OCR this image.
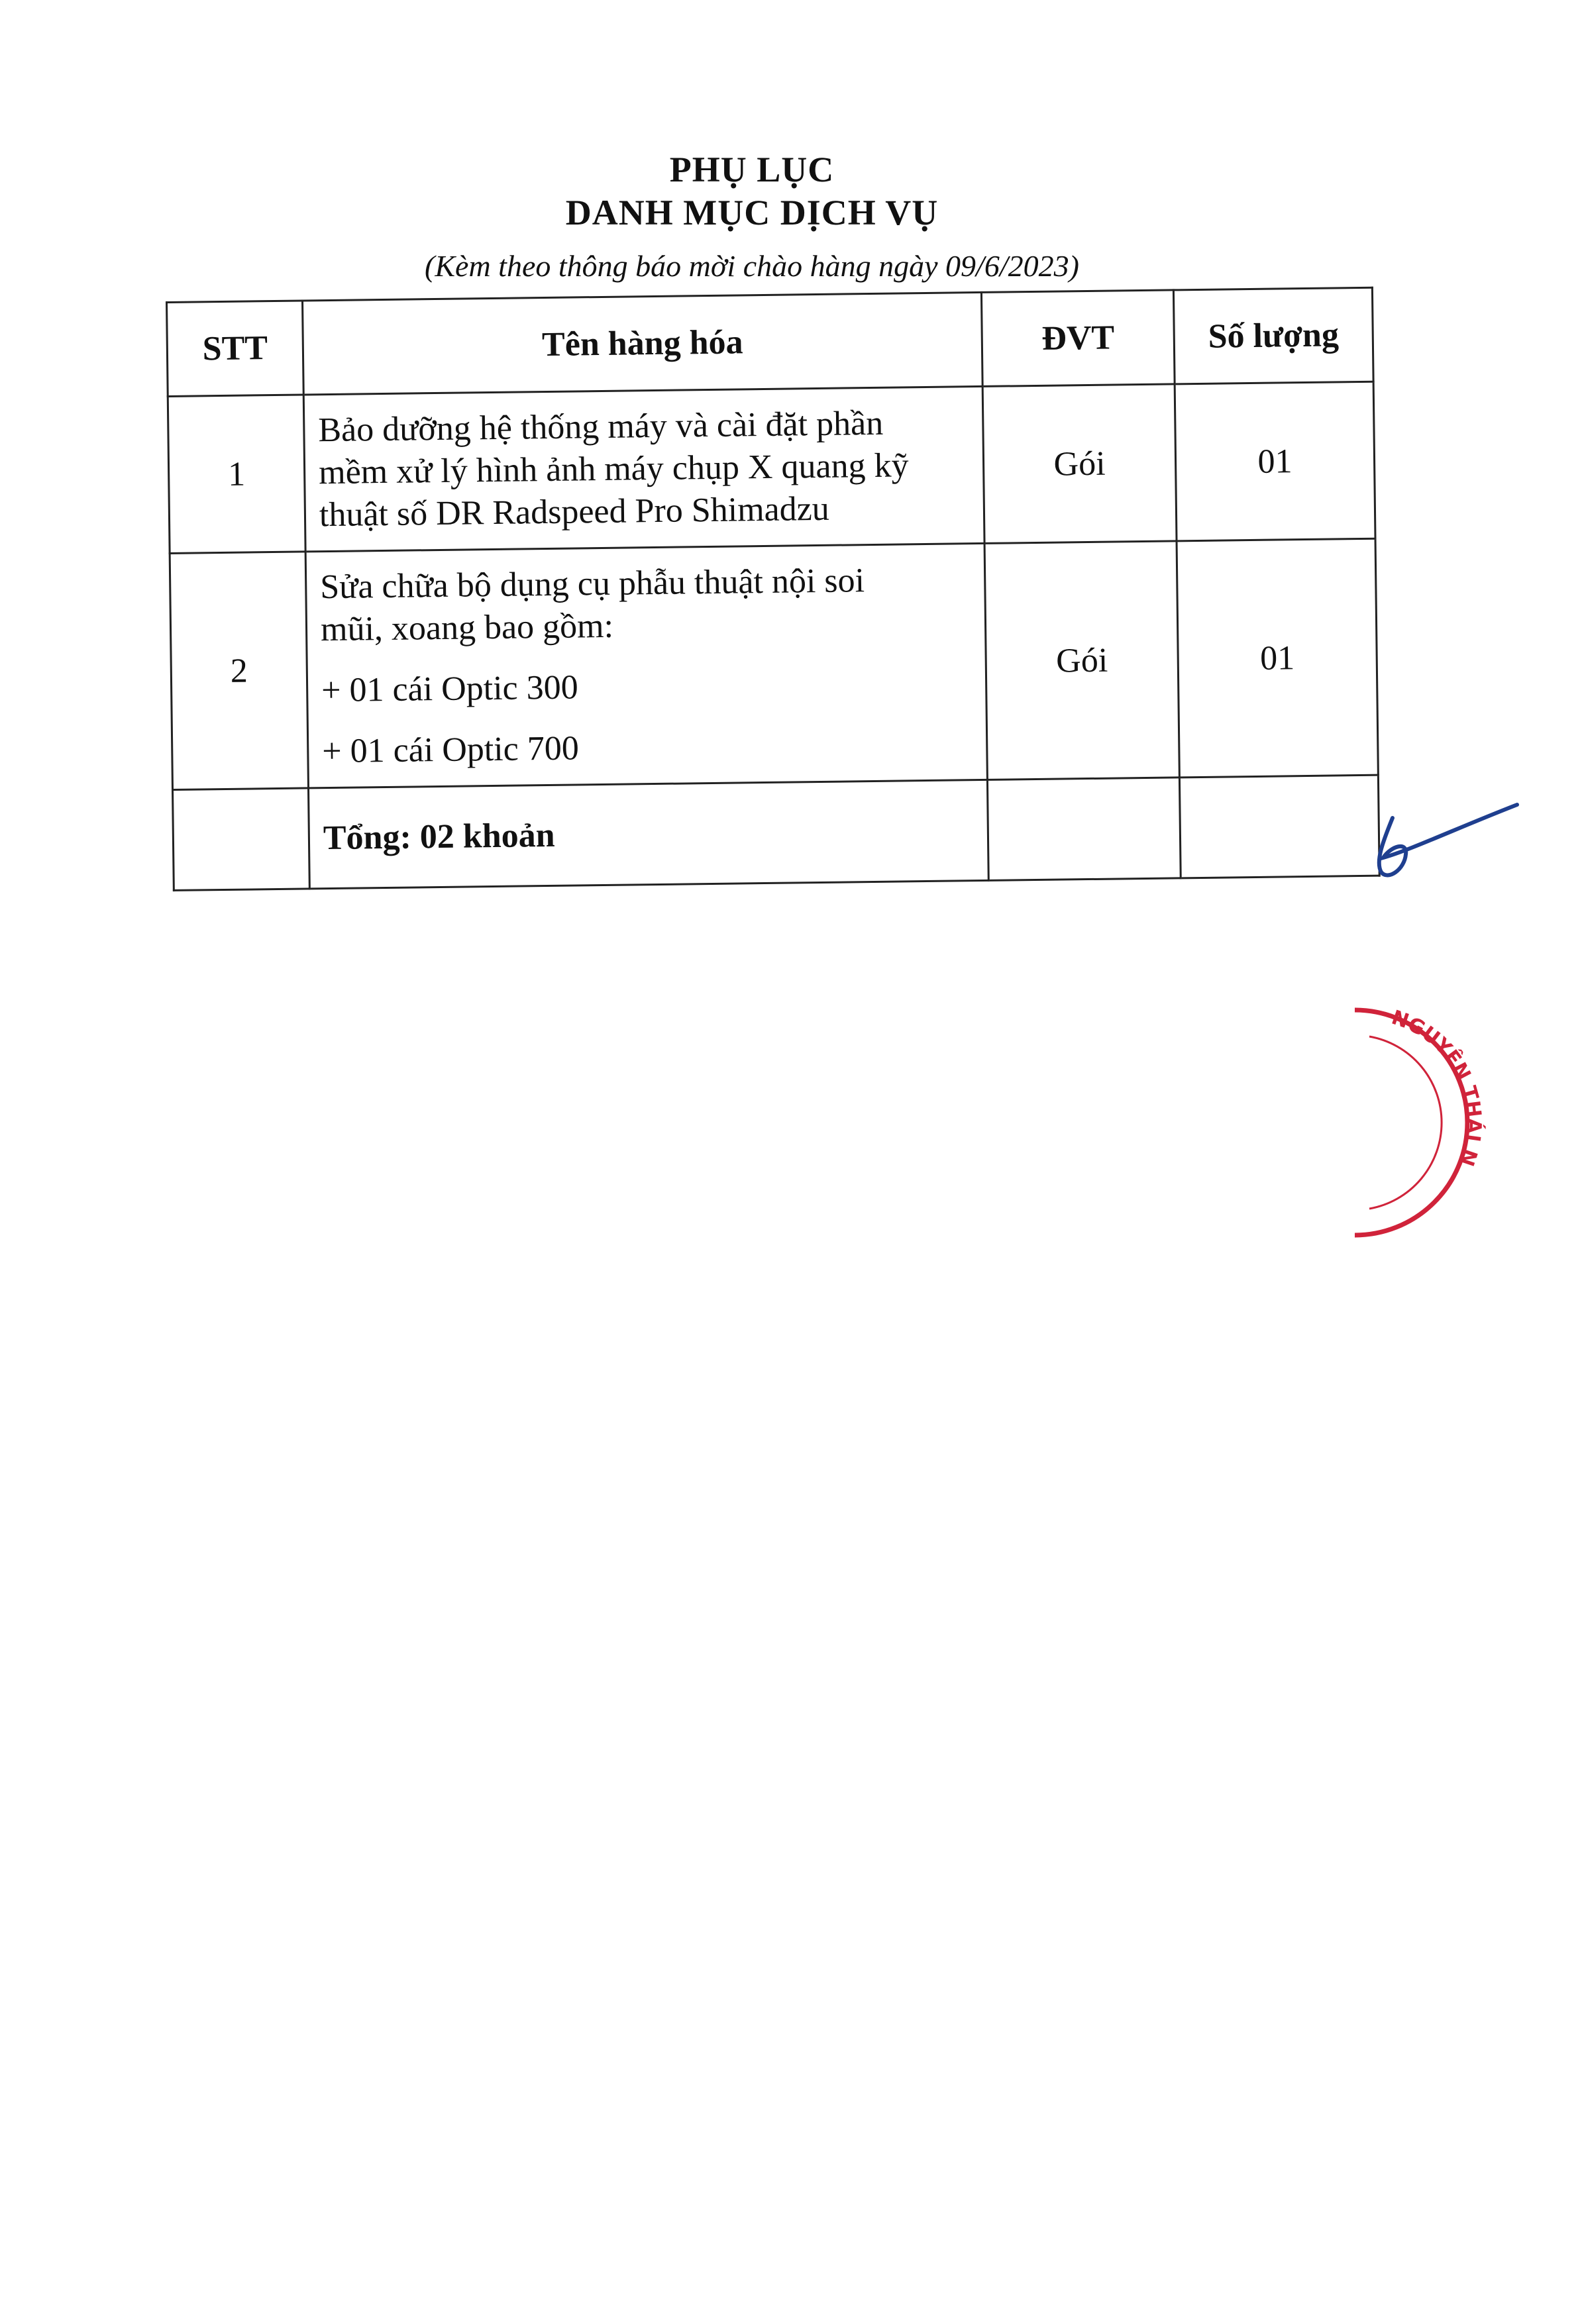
PHỤ LỤC
DANH MỤC DỊCH VỤ
(Kèm theo thông báo mời chào hàng ngày 09/6/2023)
STT	Tên hàng hóa	ĐVT	Số lượng
1	Bảo dưỡng hệ thống máy và cài đặt phần
mềm xử lý hình ảnh máy chụp X quang kỹ
thuật số DR Radspeed Pro Shimadzu	Gói	01
2	Sửa chữa bộ dụng cụ phẫu thuật nội soi
mũi, xoang bao gồm:
+ 01 cái Optic 300
+ 01 cái Optic 700	Gói	01
	Tổng: 02 khoản		
NGUYÊN THÁI N
